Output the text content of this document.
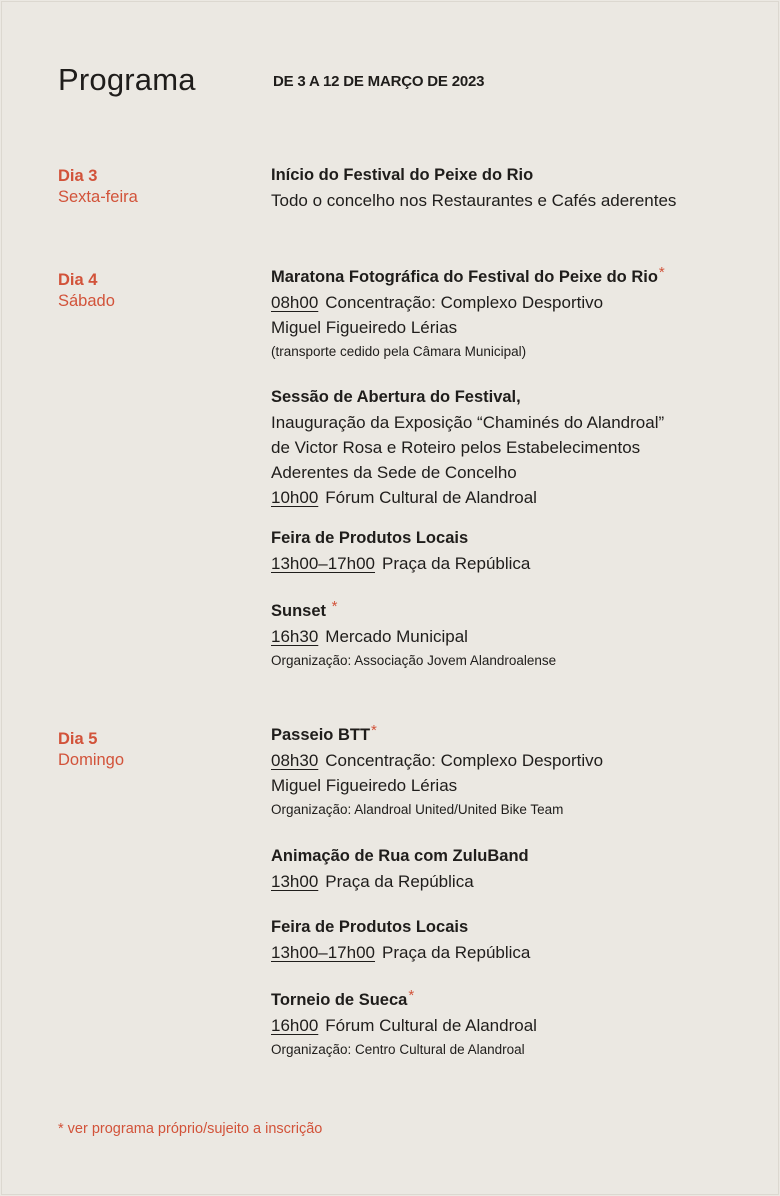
Programa	DE 3 A 12 DE MARÇO DE 2023
Dia 3
Sexta-feira
Início do Festival do Peixe do Rio
Todo o concelho nos Restaurantes e Cafés aderentes
Dia 4
Sábado
Maratona Fotográfica do Festival do Peixe do Rio*
08h00 Concentração: Complexo Desportivo
Miguel Figueiredo Lérias
(transporte cedido pela Câmara Municipal)
Sessão de Abertura do Festival,
Inauguração da Exposição “Chaminés do Alandroal”
de Victor Rosa e Roteiro pelos Estabelecimentos
Aderentes da Sede de Concelho
10h00 Fórum Cultural de Alandroal
Feira de Produtos Locais
13h00–17h00 Praça da República
Sunset *
16h30 Mercado Municipal
Organização: Associação Jovem Alandroalense
Dia 5
Domingo
Passeio BTT*
08h30 Concentração: Complexo Desportivo
Miguel Figueiredo Lérias
Organização: Alandroal United/United Bike Team
Animação de Rua com ZuluBand
13h00 Praça da República
Feira de Produtos Locais
13h00–17h00 Praça da República
Torneio de Sueca*
16h00 Fórum Cultural de Alandroal
Organização: Centro Cultural de Alandroal
* ver programa próprio/sujeito a inscrição
